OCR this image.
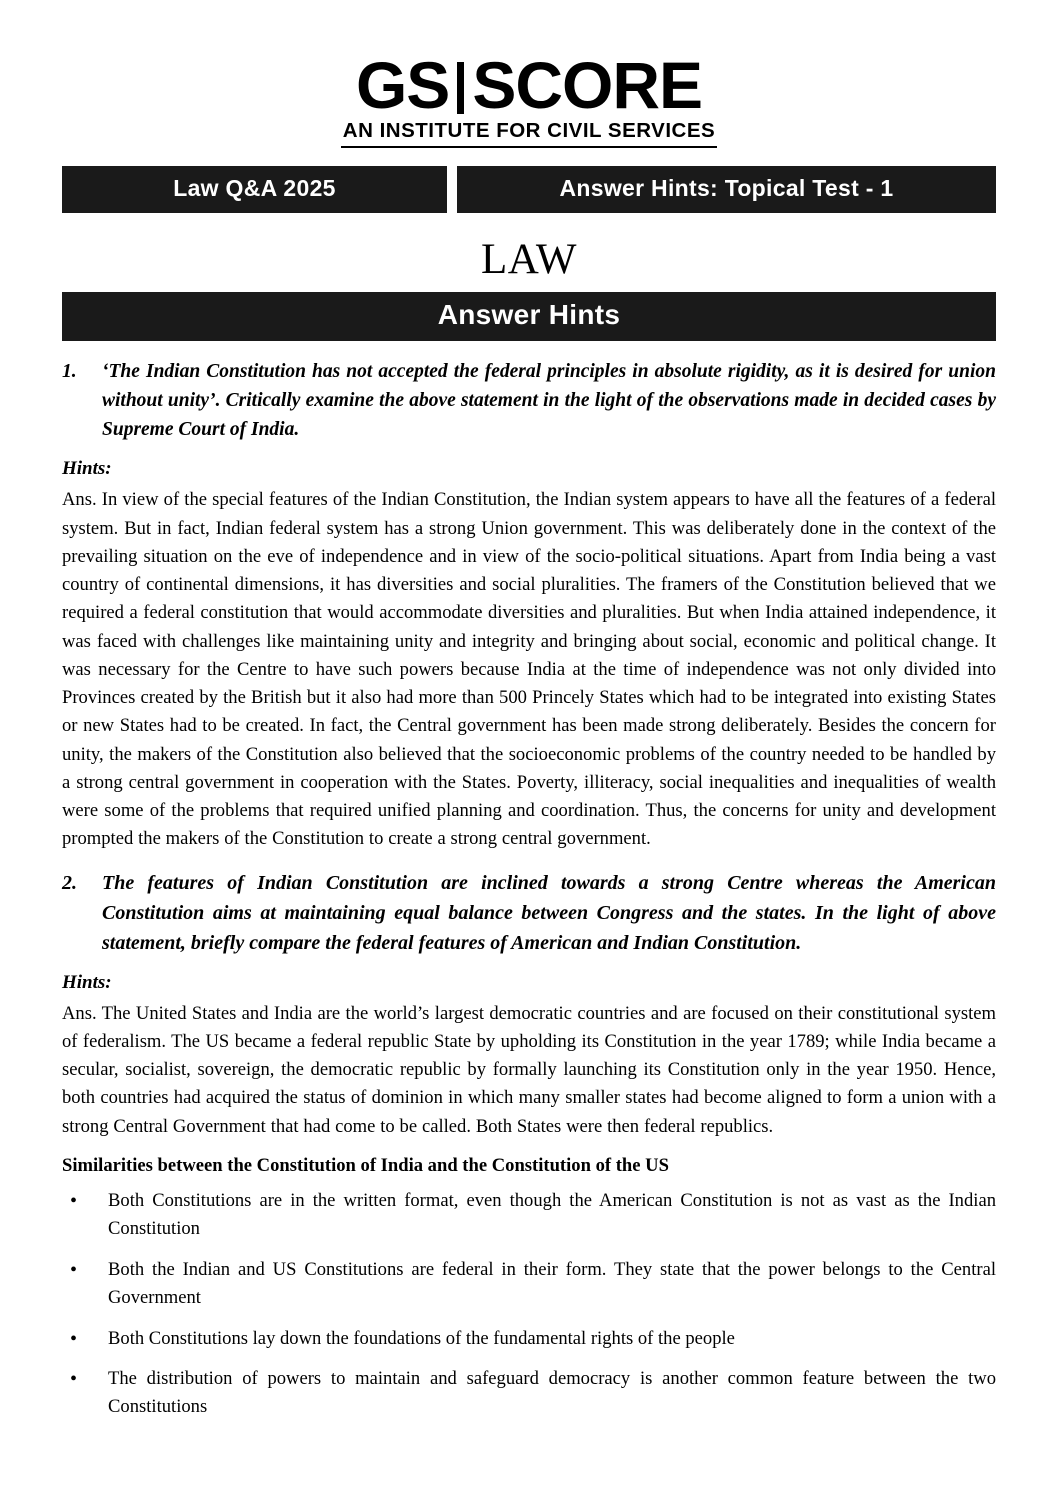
GS SCORE
AN INSTITUTE FOR CIVIL SERVICES
Law Q&A 2025	Answer Hints: Topical Test - 1
LAW
Answer Hints
1.	‘The Indian Constitution has not accepted the federal principles in absolute rigidity, as it is desired for union without unity’. Critically examine the above statement in the light of the observations made in decided cases by Supreme Court of India.
Hints:

Ans. In view of the special features of the Indian Constitution, the Indian system appears to have all the features of a federal system. But in fact, Indian federal system has a strong Union government. This was deliberately done in the context of the prevailing situation on the eve of independence and in view of the socio-political situations. Apart from India being a vast country of continental dimensions, it has diversities and social pluralities. The framers of the Constitution believed that we required a federal constitution that would accommodate diversities and pluralities. But when India attained independence, it was faced with challenges like maintaining unity and integrity and bringing about social, economic and political change. It was necessary for the Centre to have such powers because India at the time of independence was not only divided into Provinces created by the British but it also had more than 500 Princely States which had to be integrated into existing States or new States had to be created. In fact, the Central government has been made strong deliberately. Besides the concern for unity, the makers of the Constitution also believed that the socioeconomic problems of the country needed to be handled by a strong central government in cooperation with the States. Poverty, illiteracy, social inequalities and inequalities of wealth were some of the problems that required unified planning and coordination. Thus, the concerns for unity and development prompted the makers of the Constitution to create a strong central government.

2.	The features of Indian Constitution are inclined towards a strong Centre whereas the American Constitution aims at maintaining equal balance between Congress and the states. In the light of above statement, briefly compare the federal features of American and Indian Constitution.
Hints:

Ans. The United States and India are the world’s largest democratic countries and are focused on their constitutional system of federalism. The US became a federal republic State by upholding its Constitution in the year 1789; while India became a secular, socialist, sovereign, the democratic republic by formally launching its Constitution only in the year 1950. Hence, both countries had acquired the status of dominion in which many smaller states had become aligned to form a union with a strong Central Government that had come to be called. Both States were then federal republics.

Similarities between the Constitution of India and the Constitution of the US
• Both Constitutions are in the written format, even though the American Constitution is not as vast as the Indian Constitution
• Both the Indian and US Constitutions are federal in their form. They state that the power belongs to the Central Government
• Both Constitutions lay down the foundations of the fundamental rights of the people
• The distribution of powers to maintain and safeguard democracy is another common feature between the two Constitutions
